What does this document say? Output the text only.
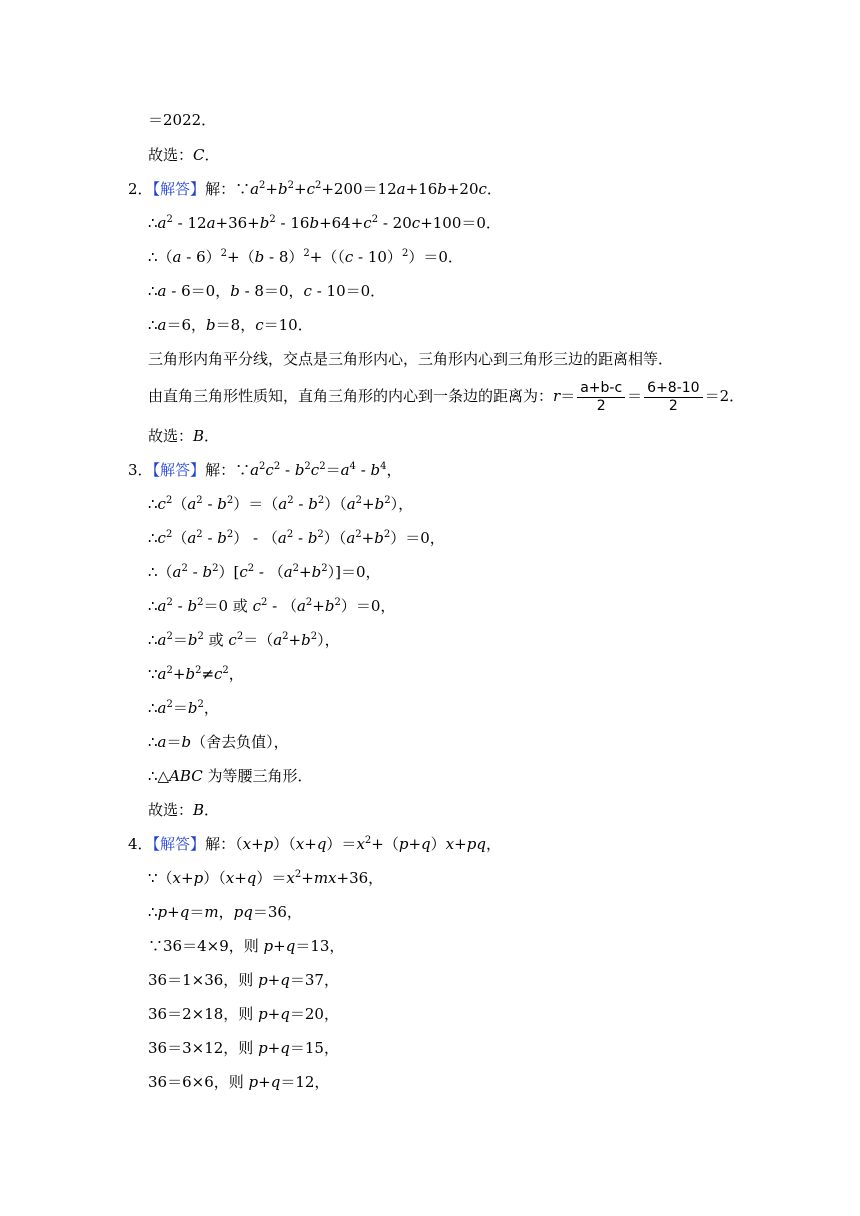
＝2022．
故选：C．
2．【解答】解：$\because a^2+b^2+c^2+200=12a+16b+20c$．
$\therefore a^2 - 12a+36+b^2 - 16b+64+c^2 - 20c+100=0$．
∴（a - 6）$^2$+（b - 8）$^2$+（（c - 10）$^2$）＝0．
∴a - 6＝0，b - 8＝0，c - 10＝0．
∴a＝6，b＝8，c＝10．
三角形内角平分线，交点是三角形内心，三角形内心到三角形三边的距离相等．
由直角三角形性质知，直角三角形的内心到一条边的距离为：$r= \frac{a+b-c}{2} = \frac{6+8-10}{2} =2$．
故选：B．
3．【解答】解：$\because a^2c^2 - b^2c^2=a^4 - b^4$，
$\therefore c^2(a^2 - b^2)=(a^2 - b^2)(a^2+b^2)$，
$\therefore c^2(a^2 - b^2) - (a^2 - b^2)(a^2+b^2)=0$，
$\therefore(a^2 - b^2)[c^2 - (a^2+b^2)]=0$，
$\therefore a^2 - b^2=0$ 或 $c^2 - (a^2+b^2)=0$，
$\therefore a^2=b^2$ 或 $c^2=(a^2+b^2)$，
$\because a^2+b^2\ne c^2$，
$\therefore a^2=b^2$，
∴a＝b（舍去负值），
∴△ABC 为等腰三角形．
故选：B．
4．【解答】解：$(x+p)(x+q)=x^2+(p+q)x+pq$，
$\because(x+p)(x+q)=x^2+mx+36$，
∴p+q＝m，pq＝36，
∵36＝4×9，则 p+q＝13，
36＝1×36，则 p+q＝37，
36＝2×18，则 p+q＝20，
36＝3×12，则 p+q＝15，
36＝6×6，则 p+q＝12，
